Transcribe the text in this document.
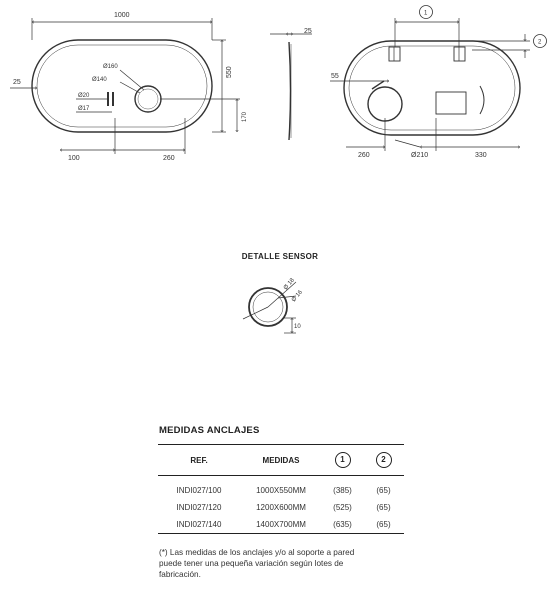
1000
550
25
Ø160
Ø140
Ø20
Ø17
100	260
170
25
1
2
55
260	Ø210	330
Ø 18
Ø 16
10
DETALLE SENSOR
MEDIDAS ANCLAJES
REF.	MEDIDAS	1	2

INDI027/100	1000X550MM	(385)	(65)
INDI027/120	1200X600MM	(525)	(65)
INDI027/140	1400X700MM	(635)	(65)
(*) Las medidas de los anclajes y/o al soporte a pared puede tener una pequeña variación según lotes de fabricación.
